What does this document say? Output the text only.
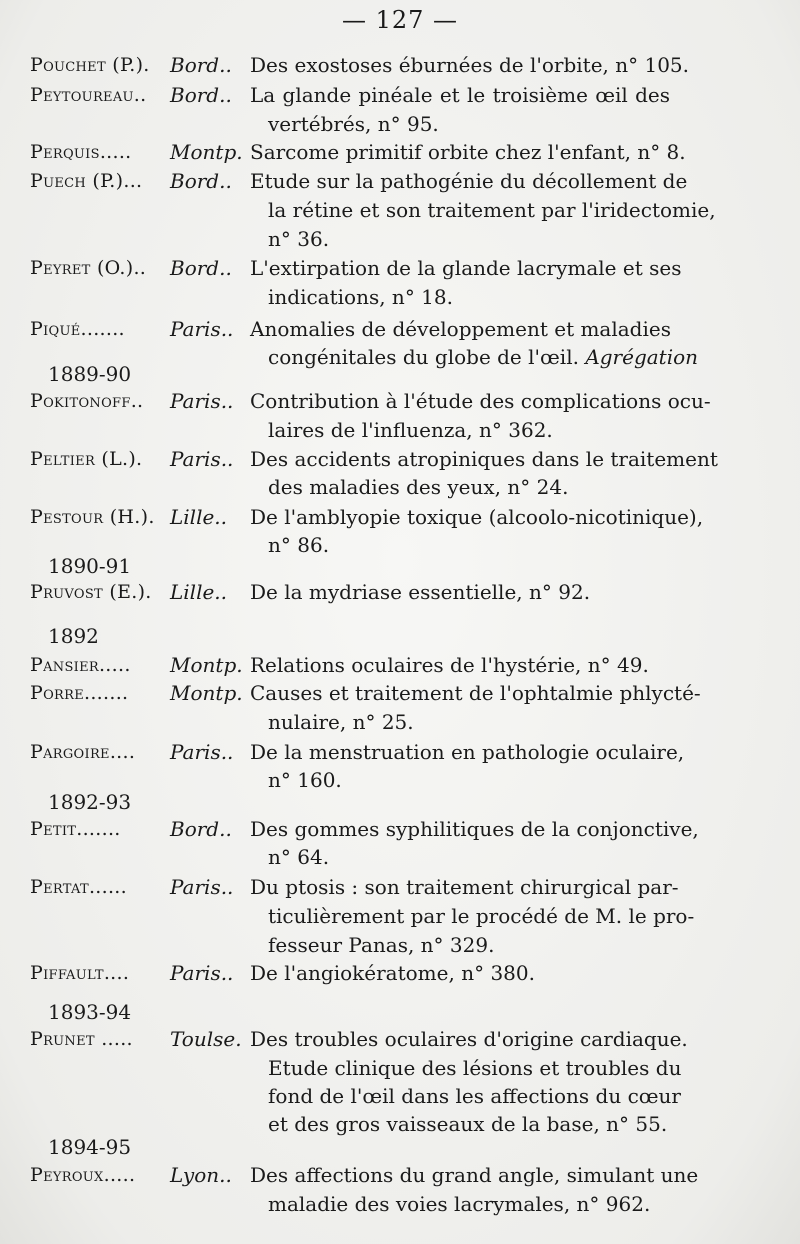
— 127 —
Pouchet (P.). Bord.. Des exostoses éburnées de l'orbite, n° 105.
Peytoureau.. Bord.. La glande pinéale et le troisième œil des
vertébrés, n° 95.
Perquis..... Montp. Sarcome primitif orbite chez l'enfant, n° 8.
Puech (P.)... Bord.. Etude sur la pathogénie du décollement de
la rétine et son traitement par l'iridectomie,
n° 36.
Peyret (O.).. Bord.. L'extirpation de la glande lacrymale et ses
indications, n° 18.
Piqué....... Paris.. Anomalies de développement et maladies
congénitales du globe de l'œil. Agrégation
1889-90
Pokitonoff.. Paris.. Contribution à l'étude des complications ocu-
laires de l'influenza, n° 362.
Peltier (L.). Paris.. Des accidents atropiniques dans le traitement
des maladies des yeux, n° 24.
Pestour (H.). Lille.. De l'amblyopie toxique (alcoolo-nicotinique),
n° 86.
1890-91
Pruvost (E.). Lille.. De la mydriase essentielle, n° 92.
1892
Pansier..... Montp. Relations oculaires de l'hystérie, n° 49.
Porre....... Montp. Causes et traitement de l'ophtalmie phlycté-
nulaire, n° 25.
Pargoire.... Paris.. De la menstruation en pathologie oculaire,
n° 160.
1892-93
Petit....... Bord.. Des gommes syphilitiques de la conjonctive,
n° 64.
Pertat...... Paris.. Du ptosis : son traitement chirurgical par-
ticulièrement par le procédé de M. le pro-
fesseur Panas, n° 329.
Piffault.... Paris.. De l'angiokératome, n° 380.
1893-94
Prunet ..... Toulse. Des troubles oculaires d'origine cardiaque.
Etude clinique des lésions et troubles du
fond de l'œil dans les affections du cœur
et des gros vaisseaux de la base, n° 55.
1894-95
Peyroux..... Lyon.. Des affections du grand angle, simulant une
maladie des voies lacrymales, n° 962.
